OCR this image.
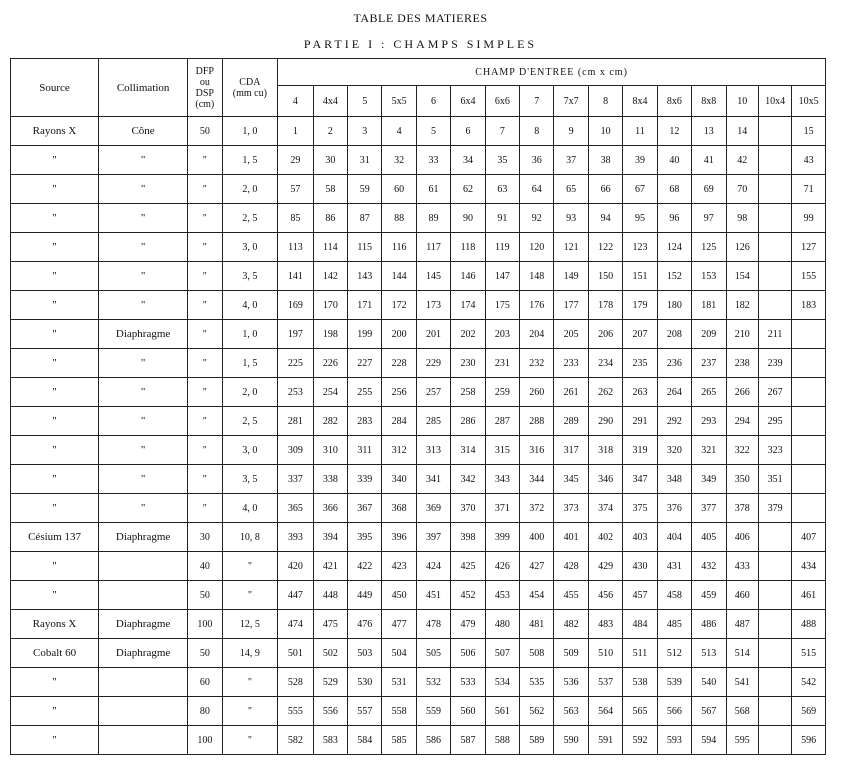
TABLE DES MATIERES
PARTIE I : CHAMPS SIMPLES
Source	Collimation	DFP
ou
DSP
(cm)	CDA
(mm cu)	CHAMP D'ENTREE (cm x cm)															
				4	4x4	5	5x5	6	6x4	6x6	7	7x7	8	8x4	8x6	8x8	10	10x4	10x5
Rayons X	Cône	50	1, 0	1	2	3	4	5	6	7	8	9	10	11	12	13	14		15
"	"	"	1, 5	29	30	31	32	33	34	35	36	37	38	39	40	41	42		43
"	"	"	2, 0	57	58	59	60	61	62	63	64	65	66	67	68	69	70		71
"	"	"	2, 5	85	86	87	88	89	90	91	92	93	94	95	96	97	98		99
"	"	"	3, 0	113	114	115	116	117	118	119	120	121	122	123	124	125	126		127
"	"	"	3, 5	141	142	143	144	145	146	147	148	149	150	151	152	153	154		155
"	"	"	4, 0	169	170	171	172	173	174	175	176	177	178	179	180	181	182		183
"	Diaphragme	"	1, 0	197	198	199	200	201	202	203	204	205	206	207	208	209	210	211	
"	"	"	1, 5	225	226	227	228	229	230	231	232	233	234	235	236	237	238	239	
"	"	"	2, 0	253	254	255	256	257	258	259	260	261	262	263	264	265	266	267	
"	"	"	2, 5	281	282	283	284	285	286	287	288	289	290	291	292	293	294	295	
"	"	"	3, 0	309	310	311	312	313	314	315	316	317	318	319	320	321	322	323	
"	"	"	3, 5	337	338	339	340	341	342	343	344	345	346	347	348	349	350	351	
"	"	"	4, 0	365	366	367	368	369	370	371	372	373	374	375	376	377	378	379	
Césium 137	Diaphragme	30	10, 8	393	394	395	396	397	398	399	400	401	402	403	404	405	406		407
"		40	"	420	421	422	423	424	425	426	427	428	429	430	431	432	433		434
"		50	"	447	448	449	450	451	452	453	454	455	456	457	458	459	460		461
Rayons X	Diaphragme	100	12, 5	474	475	476	477	478	479	480	481	482	483	484	485	486	487		488
Cobalt 60	Diaphragme	50	14, 9	501	502	503	504	505	506	507	508	509	510	511	512	513	514		515
"		60	"	528	529	530	531	532	533	534	535	536	537	538	539	540	541		542
"		80	"	555	556	557	558	559	560	561	562	563	564	565	566	567	568		569
"		100	"	582	583	584	585	586	587	588	589	590	591	592	593	594	595		596
